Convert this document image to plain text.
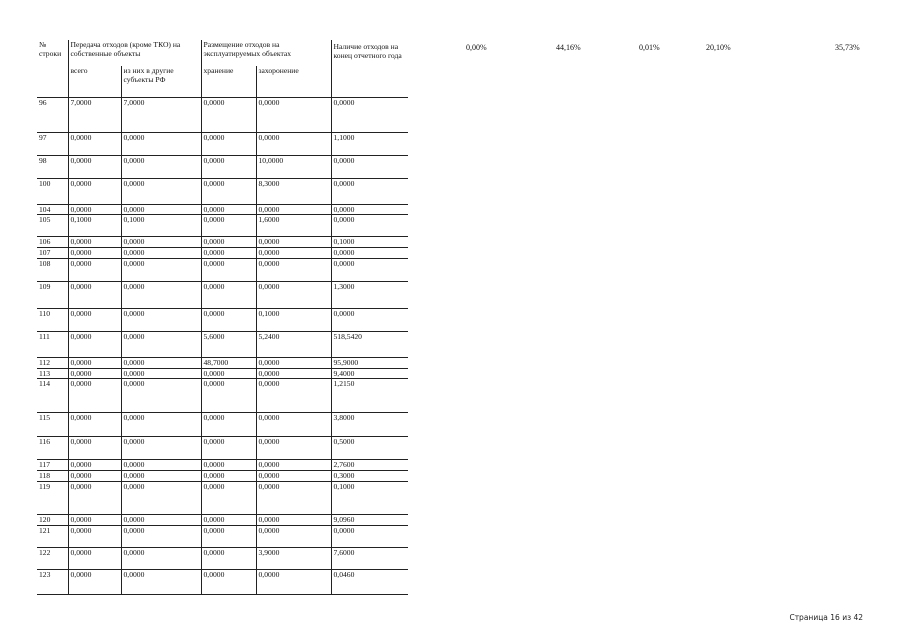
№ строки	Передача отходов (кроме ТКО) на собственные объекты		Размещение отходов на эксплуатируемых объектах		Наличие отходов на конец отчетного года
	всего	из них в другие субъекты РФ	хранение	захоронение	
96	7,0000	7,0000	0,0000	0,0000	0,0000
97	0,0000	0,0000	0,0000	0,0000	1,1000
98	0,0000	0,0000	0,0000	10,0000	0,0000
100	0,0000	0,0000	0,0000	8,3000	0,0000
104	0,0000	0,0000	0,0000	0,0000	0,0000
105	0,1000	0,1000	0,0000	1,6000	0,0000
106	0,0000	0,0000	0,0000	0,0000	0,1000
107	0,0000	0,0000	0,0000	0,0000	0,0000
108	0,0000	0,0000	0,0000	0,0000	0,0000
109	0,0000	0,0000	0,0000	0,0000	1,3000
110	0,0000	0,0000	0,0000	0,1000	0,0000
111	0,0000	0,0000	5,6000	5,2400	518,5420
112	0,0000	0,0000	48,7000	0,0000	95,9000
113	0,0000	0,0000	0,0000	0,0000	9,4000
114	0,0000	0,0000	0,0000	0,0000	1,2150
115	0,0000	0,0000	0,0000	0,0000	3,8000
116	0,0000	0,0000	0,0000	0,0000	0,5000
117	0,0000	0,0000	0,0000	0,0000	2,7600
118	0,0000	0,0000	0,0000	0,0000	0,3000
119	0,0000	0,0000	0,0000	0,0000	0,1000
120	0,0000	0,0000	0,0000	0,0000	9,0960
121	0,0000	0,0000	0,0000	0,0000	0,0000
122	0,0000	0,0000	0,0000	3,9000	7,6000
123	0,0000	0,0000	0,0000	0,0000	0,0460
0,00%	44,16%	0,01%	20,10%	35,73%
Страница 16 из 42
